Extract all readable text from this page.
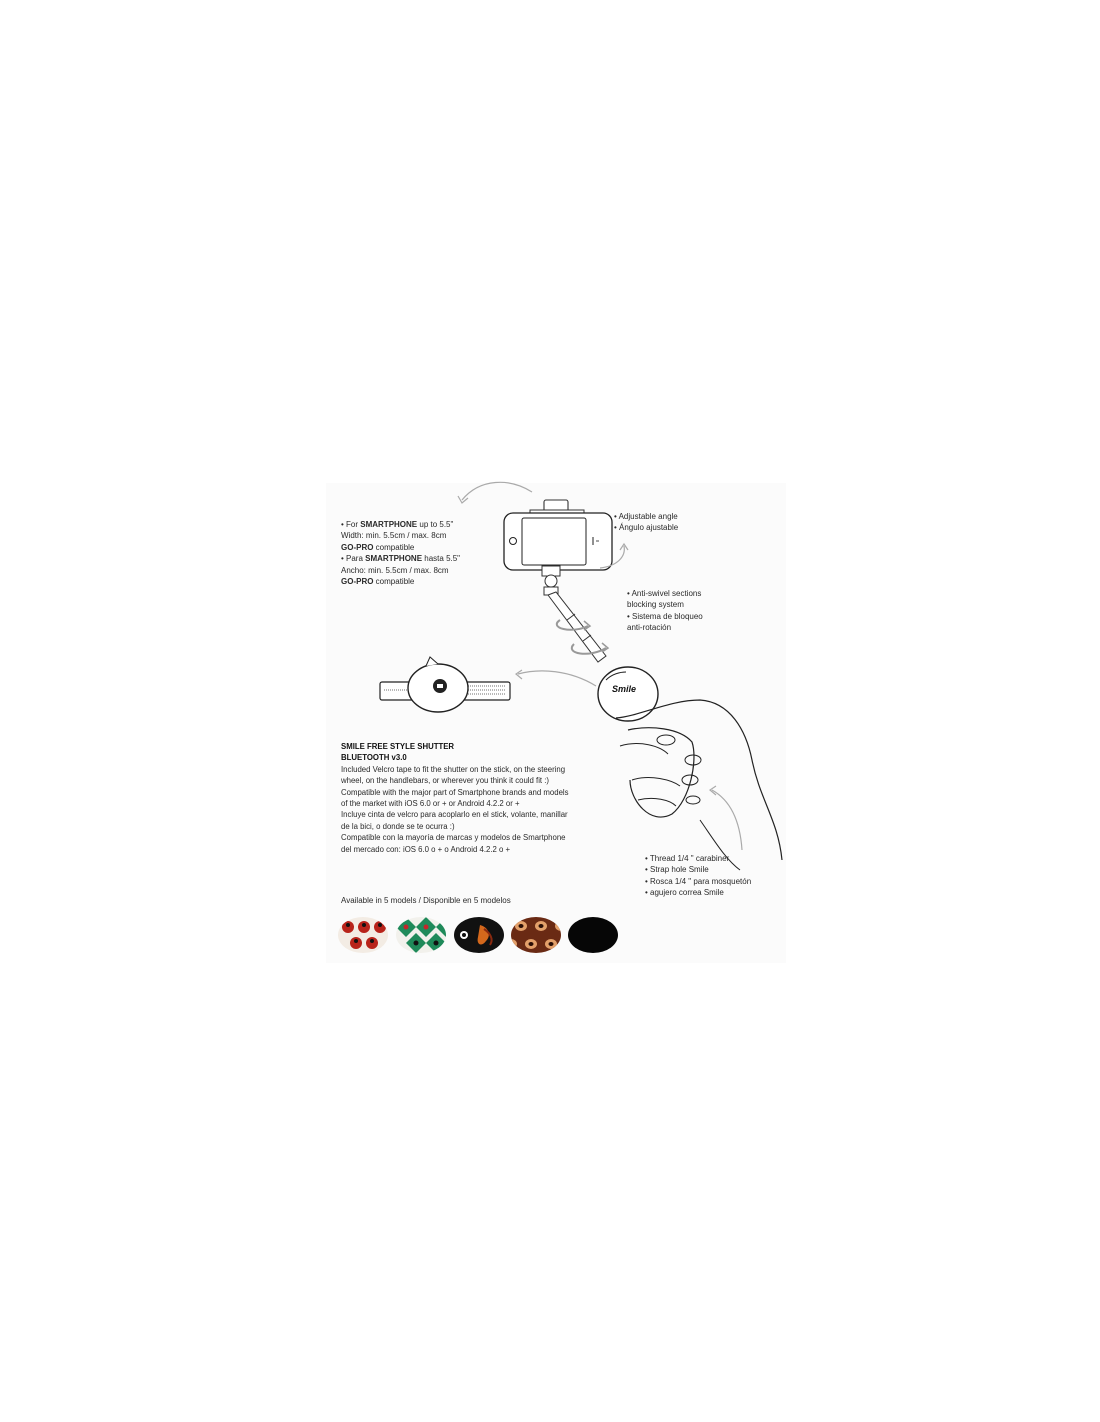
Smile
• For SMARTPHONE up to 5.5"
Width: min. 5.5cm / max. 8cm
GO-PRO compatible
• Para SMARTPHONE hasta 5.5"
Ancho: min. 5.5cm / max. 8cm
GO-PRO compatible
• Adjustable angle
• Ángulo ajustable
• Anti-swivel sections
blocking system
• Sistema de bloqueo
anti-rotación
SMILE FREE STYLE SHUTTER
BLUETOOTH v3.0
Included Velcro tape to fit the shutter on the stick, on the steering
wheel, on the handlebars, or wherever you think it could fit :)
Compatible with the major part of Smartphone brands and models
of the market with iOS 6.0 or + or Android 4.2.2 or +
Incluye cinta de velcro para acoplarlo en el stick, volante, manillar
de la bici, o donde se te ocurra :)
Compatible con la mayoría de marcas y modelos de Smartphone
del mercado con: iOS 6.0 o + o Android 4.2.2 o +
• Thread 1/4 " carabiner
• Strap hole Smile
• Rosca 1/4 " para mosquetón
• agujero correa Smile
Available in 5 models / Disponible en 5 modelos
